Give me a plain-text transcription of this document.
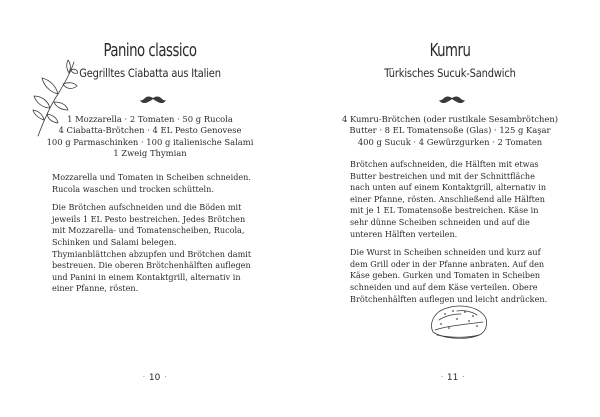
Panino classico
Gegrilltes Ciabatta aus Italien
1 Mozzarella · 2 Tomaten · 50 g Rucola
4 Ciabatta-Brötchen · 4 EL Pesto Genovese
100 g Parmaschinken · 100 g italienische Salami
1 Zweig Thymian

Mozzarella und Tomaten in Scheiben schneiden. Rucola waschen und trocken schütteln.

Die Brötchen aufschneiden und die Böden mit jeweils 1 EL Pesto bestreichen. Jedes Brötchen mit Mozzarella- und Tomatenscheiben, Rucola, Schinken und Salami belegen. Thymianblättchen abzupfen und Brötchen damit bestreuen. Die oberen Brötchenhälften auflegen und Panini in einem Kontaktgrill, alternativ in einer Pfanne, rösten.

· 10 ·
Kumru
Türkisches Sucuk-Sandwich
4 Kumru-Brötchen (oder rustikale Sesambrötchen)
Butter · 8 EL Tomatensoße (Glas) · 125 g Kaşar
400 g Sucuk · 4 Gewürzgurken · 2 Tomaten

Brötchen aufschneiden, die Hälften mit etwas Butter bestreichen und mit der Schnittfläche nach unten auf einem Kontaktgrill, alternativ in einer Pfanne, rösten. Anschließend alle Hälften mit je 1 EL Tomatensoße bestreichen. Käse in sehr dünne Scheiben schneiden und auf die unteren Hälften verteilen.

Die Wurst in Scheiben schneiden und kurz auf dem Grill oder in der Pfanne anbraten. Auf den Käse geben. Gurken und Tomaten in Scheiben schneiden und auf dem Käse verteilen. Obere Brötchenhälften auflegen und leicht andrücken.

· 11 ·
